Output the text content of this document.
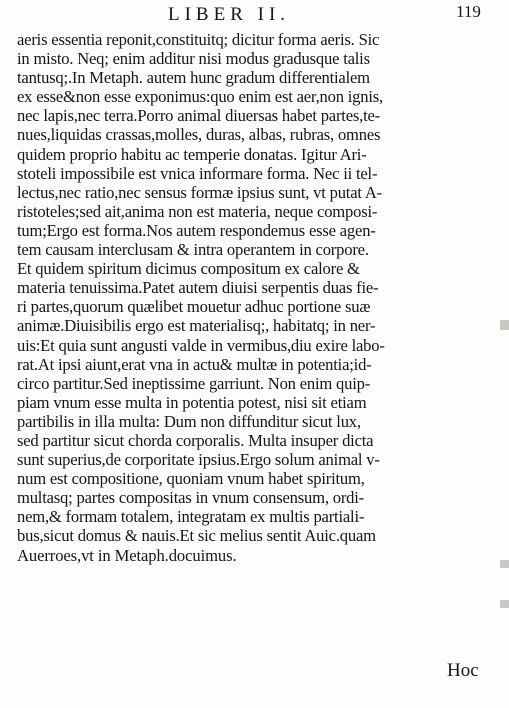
LIBER II.	119
aeris essentia reponit,constituitq; dicitur forma aeris. Sic
in misto. Neq; enim additur nisi modus gradusque talis
tantusq;.In Metaph. autem hunc gradum differentialem
ex esse&non esse exponimus:quo enim est aer,non ignis,
nec lapis,nec terra.Porro animal diuersas habet partes,te-
nues,liquidas crassas,molles, duras, albas, rubras, omnes
quidem proprio habitu ac temperie donatas. Igitur Ari-
stoteli impossibile est vnica informare forma. Nec ii tel-
lectus,nec ratio,nec sensus formæ ipsius sunt, vt putat A-
ristoteles;sed ait,anima non est materia, neque composi-
tum;Ergo est forma.Nos autem respondemus esse agen-
tem causam interclusam & intra operantem in corpore.
Et quidem spiritum dicimus compositum ex calore &
materia tenuissima.Patet autem diuisi serpentis duas fie-
ri partes,quorum quælibet mouetur adhuc portione suæ
animæ.Diuisibilis ergo est materialisq;, habitatq; in ner-
uis:Et quia sunt angusti valde in vermibus,diu exire labo-
rat.At ipsi aiunt,erat vna in actu& multæ in potentia;id-
circo partitur.Sed ineptissime garriunt. Non enim quip-
piam vnum esse multa in potentia potest, nisi sit etiam
partibilis in illa multa: Dum non diffunditur sicut lux,
sed partitur sicut chorda corporalis. Multa insuper dicta
sunt superius,de corporitate ipsius.Ergo solum animal v-
num est compositione, quoniam vnum habet spiritum,
multasq; partes compositas in vnum consensum, ordi-
nem,& formam totalem, integratam ex multis partiali-
bus,sicut domus & nauis.Et sic melius sentit Auic.quam
Auerroes,vt in Metaph.docuimus.
Hoc
